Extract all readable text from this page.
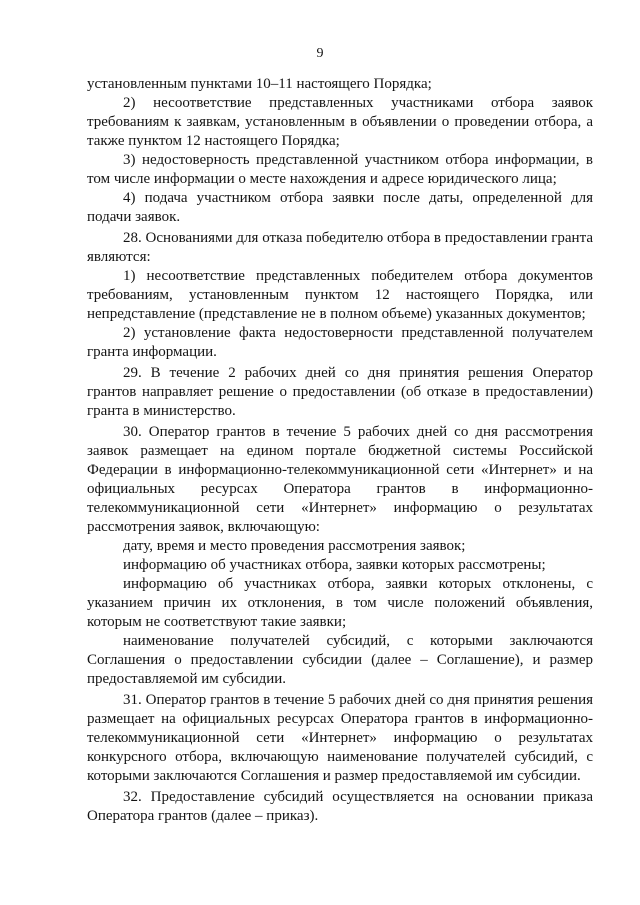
9

установленным пунктами 10–11 настоящего Порядка;

2) несоответствие представленных участниками отбора заявок требованиям к заявкам, установленным в объявлении о проведении отбора, а также пунктом 12 настоящего Порядка;

3) недостоверность представленной участником отбора информации, в том числе информации о месте нахождения и адресе юридического лица;

4) подача участником отбора заявки после даты, определенной для подачи заявок.

28. Основаниями для отказа победителю отбора в предоставлении гранта являются:

1) несоответствие представленных победителем отбора документов требованиям, установленным пунктом 12 настоящего Порядка, или непредставление (представление не в полном объеме) указанных документов;

2) установление факта недостоверности представленной получателем гранта информации.

29. В течение 2 рабочих дней со дня принятия решения Оператор грантов направляет решение о предоставлении (об отказе в предоставлении) гранта в министерство.

30. Оператор грантов в течение 5 рабочих дней со дня рассмотрения заявок размещает на едином портале бюджетной системы Российской Федерации в информационно-телекоммуникационной сети «Интернет» и на официальных ресурсах Оператора грантов в информационно-телекоммуникационной сети «Интернет» информацию о результатах рассмотрения заявок, включающую:

дату, время и место проведения рассмотрения заявок;

информацию об участниках отбора, заявки которых рассмотрены;

информацию об участниках отбора, заявки которых отклонены, с указанием причин их отклонения, в том числе положений объявления, которым не соответствуют такие заявки;

наименование получателей субсидий, с которыми заключаются Соглашения о предоставлении субсидии (далее – Соглашение), и размер предоставляемой им субсидии.

31. Оператор грантов в течение 5 рабочих дней со дня принятия решения размещает на официальных ресурсах Оператора грантов в информационно-телекоммуникационной сети «Интернет» информацию о результатах конкурсного отбора, включающую наименование получателей субсидий, с которыми заключаются Соглашения и размер предоставляемой им субсидии.

32. Предоставление субсидий осуществляется на основании приказа Оператора грантов (далее – приказ).
